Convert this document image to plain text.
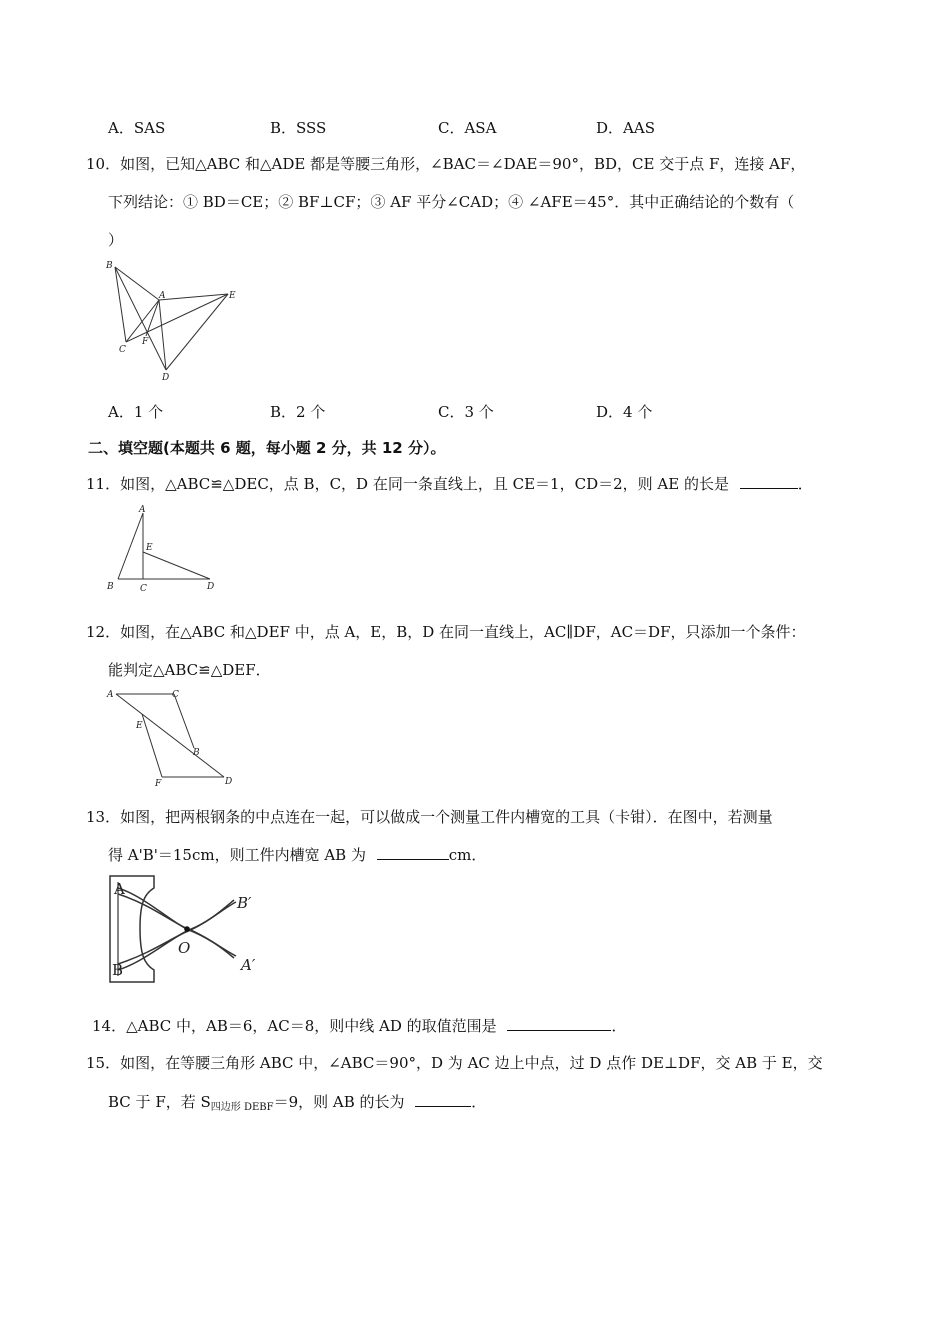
A．SAS	B．SSS	C．ASA	D．AAS
10．如图，已知△ABC 和△ADE 都是等腰三角形，∠BAC＝∠DAE＝90°，BD，CE 交于点 F，连接 AF，
下列结论：① BD＝CE；② BF⊥CF；③ AF 平分∠CAD；④ ∠AFE＝45°．其中正确结论的个数有（
）
B
A	E
C
F
D
A．1 个	B．2 个	C．3 个	D．4 个
二、填空题(本题共 6 题，每小题 2 分，共 12 分）。
11．如图，△ABC≌△DEC，点 B，C，D 在同一条直线上，且 CE＝1，CD＝2，则 AE 的长是	．
A
E
B	C	D
12．如图，在△ABC 和△DEF 中，点 A，E，B，D 在同一直线上，AC∥DF，AC＝DF，只添加一个条件：
能判定△ABC≌△DEF．
A	C
E
B
F	D
13．如图，把两根钢条的中点连在一起，可以做成一个测量工件内槽宽的工具（卡钳）．在图中，若测量
得 A'B'＝15cm，则工件内槽宽 AB 为	cm．
A
B′
O
B	A′
14．△ABC 中，AB＝6，AC＝8，则中线 AD 的取值范围是	．
15．如图，在等腰三角形 ABC 中，∠ABC＝90°，D 为 AC 边上中点，过 D 点作 DE⊥DF，交 AB 于 E，交
BC 于 F，若 $S_{四边形 DEBF}=9$，则 AB 的长为	．
